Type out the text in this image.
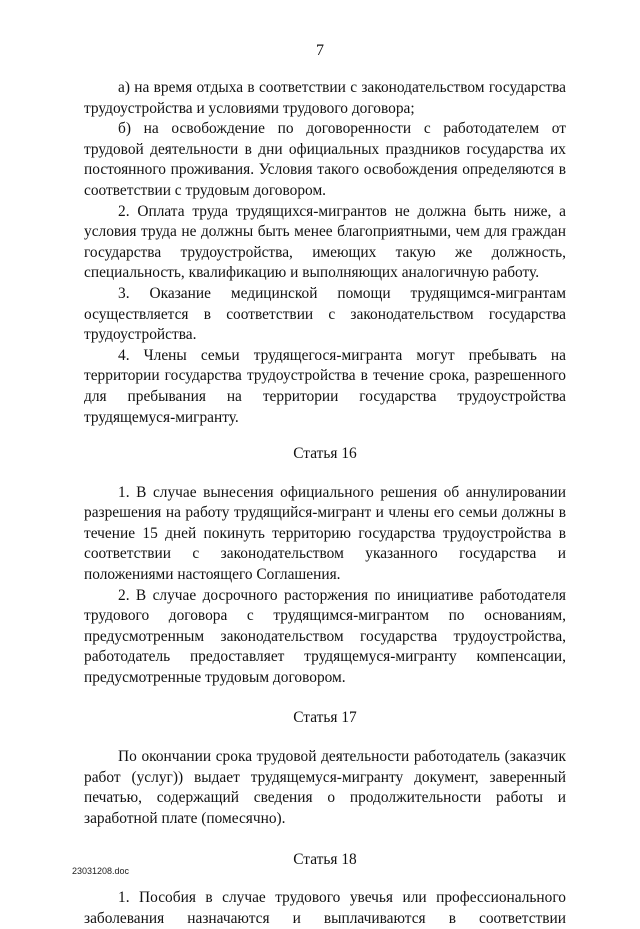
7

а) на время отдыха в соответствии с законодательством государства трудоустройства и условиями трудового договора;

б) на освобождение по договоренности с работодателем от трудовой деятельности в дни официальных праздников государства их постоянного проживания. Условия такого освобождения определяются в соответствии с трудовым договором.

2. Оплата труда трудящихся-мигрантов не должна быть ниже, а условия труда не должны быть менее благоприятными, чем для граждан государства трудоустройства, имеющих такую же должность, специальность, квалификацию и выполняющих аналогичную работу.

3. Оказание медицинской помощи трудящимся-мигрантам осуществляется в соответствии с законодательством государства трудоустройства.

4. Члены семьи трудящегося-мигранта могут пребывать на территории государства трудоустройства в течение срока, разрешенного для пребывания на территории государства трудоустройства трудящемуся-мигранту.

Статья 16

1. В случае вынесения официального решения об аннулировании разрешения на работу трудящийся-мигрант и члены его семьи должны в течение 15 дней покинуть территорию государства трудоустройства в соответствии с законодательством указанного государства и положениями настоящего Соглашения.

2. В случае досрочного расторжения по инициативе работодателя трудового договора с трудящимся-мигрантом по основаниям, предусмотренным законодательством государства трудоустройства, работодатель предоставляет трудящемуся-мигранту компенсации, предусмотренные трудовым договором.

Статья 17

По окончании срока трудовой деятельности работодатель (заказчик работ (услуг)) выдает трудящемуся-мигранту документ, заверенный печатью, содержащий сведения о продолжительности работы и заработной плате (помесячно).

Статья 18

1. Пособия в случае трудового увечья или профессионального заболевания назначаются и выплачиваются в соответствии

23031208.doc
